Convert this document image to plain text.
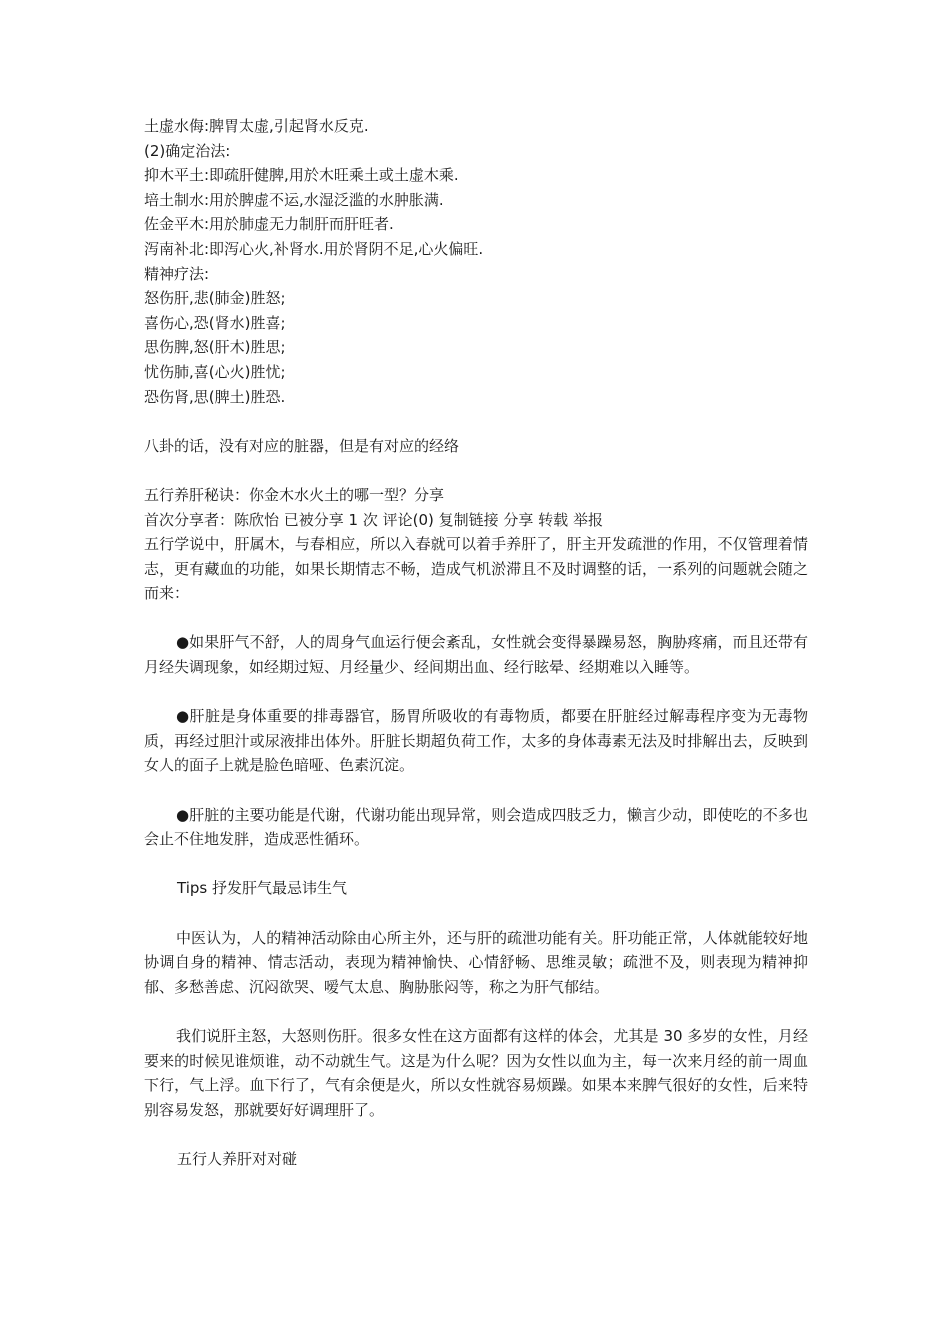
土虚水侮:脾胃太虚,引起肾水反克.
(2)确定治法:
抑木平土:即疏肝健脾,用於木旺乘土或土虚木乘.
培土制水:用於脾虚不运,水湿泛滥的水肿胀满.
佐金平木:用於肺虚无力制肝而肝旺者.
泻南补北:即泻心火,补肾水.用於肾阴不足,心火偏旺.
精神疗法:
怒伤肝,悲(肺金)胜怒;
喜伤心,恐(肾水)胜喜;
思伤脾,怒(肝木)胜思;
忧伤肺,喜(心火)胜忧;
恐伤肾,思(脾土)胜恐.
八卦的话，没有对应的脏器，但是有对应的经络
五行养肝秘诀：你金木水火土的哪一型？分享
首次分享者：陈欣怡 已被分享 1 次 评论(0) 复制链接 分享 转载 举报
五行学说中，肝属木，与春相应，所以入春就可以着手养肝了，肝主开发疏泄的作用，不仅管理着情志，更有藏血的功能，如果长期情志不畅，造成气机淤滞且不及时调整的话，一系列的问题就会随之而来：
●如果肝气不舒，人的周身气血运行便会紊乱，女性就会变得暴躁易怒，胸胁疼痛，而且还带有月经失调现象，如经期过短、月经量少、经间期出血、经行眩晕、经期难以入睡等。
●肝脏是身体重要的排毒器官，肠胃所吸收的有毒物质，都要在肝脏经过解毒程序变为无毒物质，再经过胆汁或尿液排出体外。肝脏长期超负荷工作，太多的身体毒素无法及时排解出去，反映到女人的面子上就是脸色暗哑、色素沉淀。
●肝脏的主要功能是代谢，代谢功能出现异常，则会造成四肢乏力，懒言少动，即使吃的不多也会止不住地发胖，造成恶性循环。
Tips 抒发肝气最忌讳生气
中医认为，人的精神活动除由心所主外，还与肝的疏泄功能有关。肝功能正常，人体就能较好地协调自身的精神、情志活动，表现为精神愉快、心情舒畅、思维灵敏；疏泄不及，则表现为精神抑郁、多愁善虑、沉闷欲哭、嗳气太息、胸胁胀闷等，称之为肝气郁结。
我们说肝主怒，大怒则伤肝。很多女性在这方面都有这样的体会，尤其是 30 多岁的女性，月经要来的时候见谁烦谁，动不动就生气。这是为什么呢？因为女性以血为主，每一次来月经的前一周血下行，气上浮。血下行了，气有余便是火，所以女性就容易烦躁。如果本来脾气很好的女性，后来特别容易发怒，那就要好好调理肝了。
五行人养肝对对碰
